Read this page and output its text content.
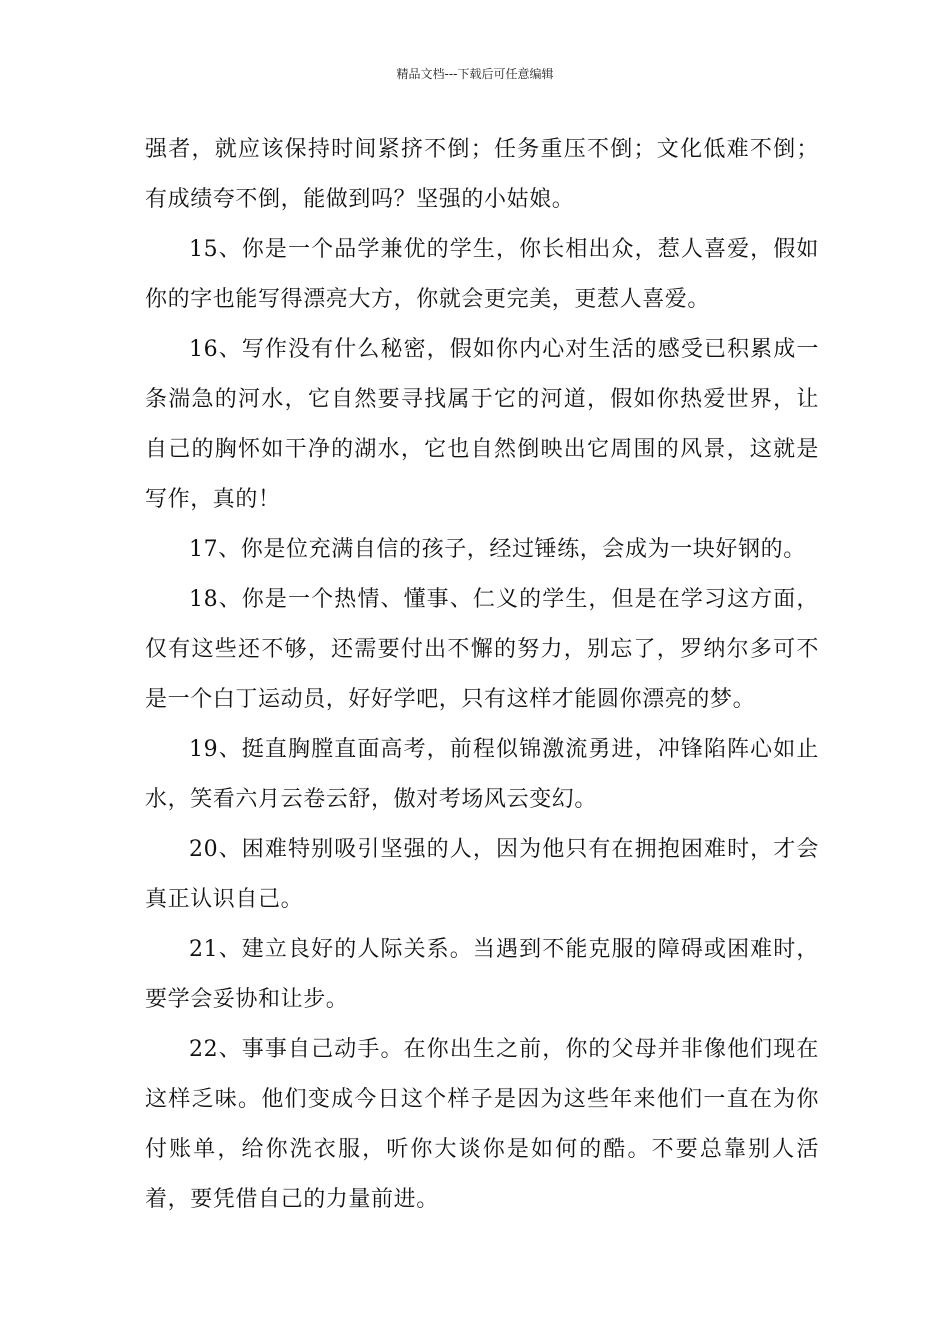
精品文档---下载后可任意编辑

强者，就应该保持时间紧挤不倒；任务重压不倒；文化低难不倒；有成绩夸不倒，能做到吗？坚强的小姑娘。

15、你是一个品学兼优的学生，你长相出众，惹人喜爱，假如你的字也能写得漂亮大方，你就会更完美，更惹人喜爱。

16、写作没有什么秘密，假如你内心对生活的感受已积累成一条湍急的河水，它自然要寻找属于它的河道，假如你热爱世界，让自己的胸怀如干净的湖水，它也自然倒映出它周围的风景，这就是写作，真的！

17、你是位充满自信的孩子，经过锤练，会成为一块好钢的。

18、你是一个热情、懂事、仁义的学生，但是在学习这方面，仅有这些还不够，还需要付出不懈的努力，别忘了，罗纳尔多可不是一个白丁运动员，好好学吧，只有这样才能圆你漂亮的梦。

19、挺直胸膛直面高考，前程似锦激流勇进，冲锋陷阵心如止水，笑看六月云卷云舒，傲对考场风云变幻。

20、困难特别吸引坚强的人，因为他只有在拥抱困难时，才会真正认识自己。

21、建立良好的人际关系。当遇到不能克服的障碍或困难时，要学会妥协和让步。

22、事事自己动手。在你出生之前，你的父母并非像他们现在这样乏味。他们变成今日这个样子是因为这些年来他们一直在为你付账单，给你洗衣服，听你大谈你是如何的酷。不要总靠别人活着，要凭借自己的力量前进。
